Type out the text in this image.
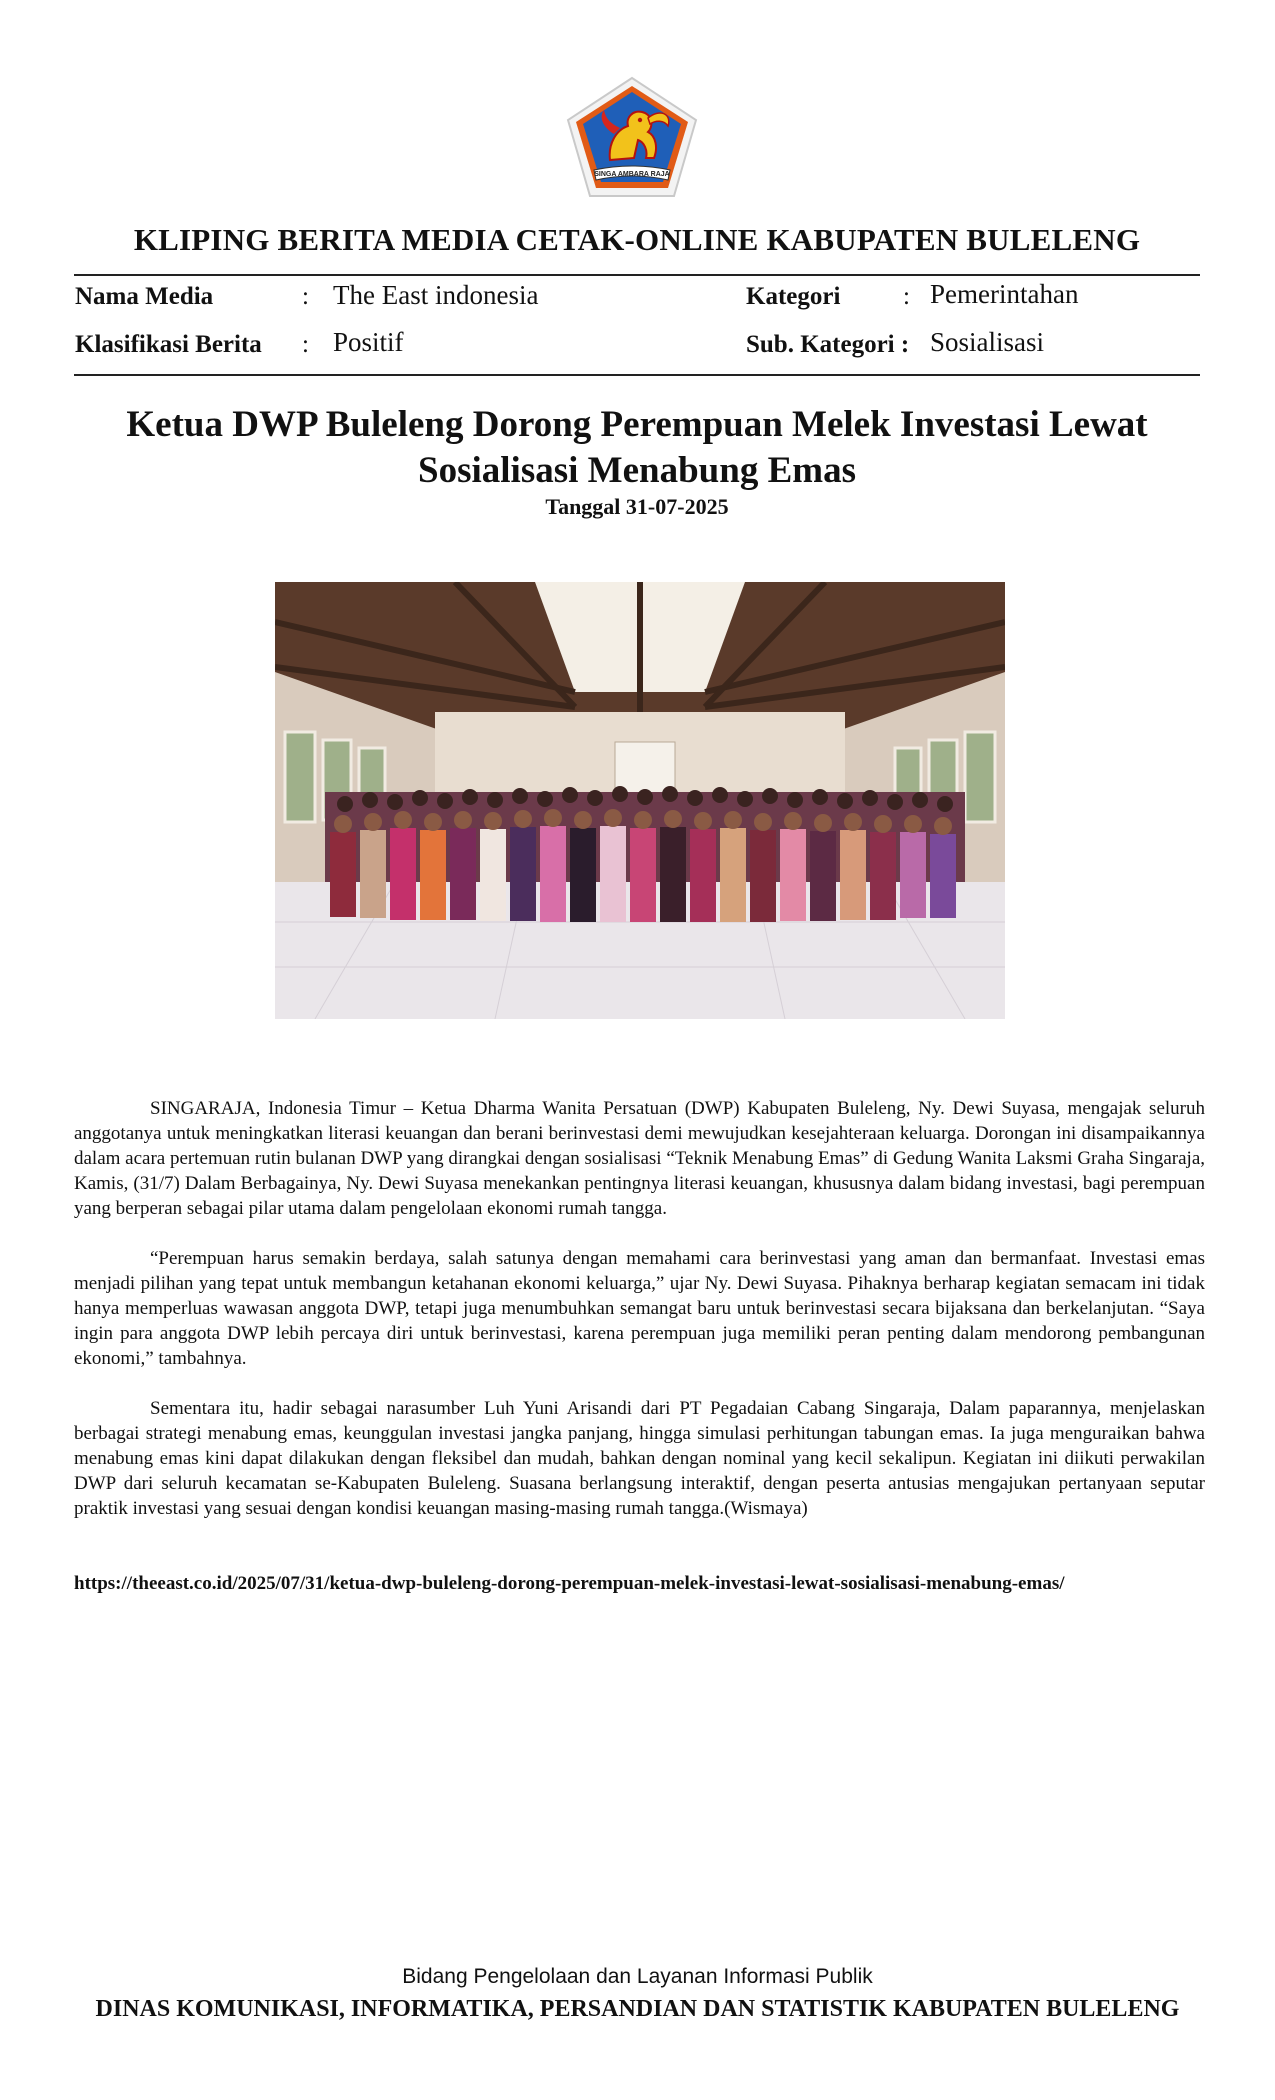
SINGA AMBARA RAJA
KLIPING BERITA MEDIA CETAK-ONLINE KABUPATEN BULELENG
Nama Media	: The East indonesia	Kategori	: Pemerintahan
Klasifikasi Berita : Positif	Sub. Kategori : Sosialisasi
Ketua DWP Buleleng Dorong Perempuan Melek Investasi Lewat Sosialisasi Menabung Emas
Tanggal 31-07-2025

SINGARAJA, Indonesia Timur – Ketua Dharma Wanita Persatuan (DWP) Kabupaten Buleleng, Ny. Dewi Suyasa, mengajak seluruh anggotanya untuk meningkatkan literasi keuangan dan berani berinvestasi demi mewujudkan kesejahteraan keluarga. Dorongan ini disampaikannya dalam acara pertemuan rutin bulanan DWP yang dirangkai dengan sosialisasi “Teknik Menabung Emas” di Gedung Wanita Laksmi Graha Singaraja, Kamis, (31/7) Dalam Berbagainya, Ny. Dewi Suyasa menekankan pentingnya literasi keuangan, khususnya dalam bidang investasi, bagi perempuan yang berperan sebagai pilar utama dalam pengelolaan ekonomi rumah tangga.

“Perempuan harus semakin berdaya, salah satunya dengan memahami cara berinvestasi yang aman dan bermanfaat. Investasi emas menjadi pilihan yang tepat untuk membangun ketahanan ekonomi keluarga,” ujar Ny. Dewi Suyasa. Pihaknya berharap kegiatan semacam ini tidak hanya memperluas wawasan anggota DWP, tetapi juga menumbuhkan semangat baru untuk berinvestasi secara bijaksana dan berkelanjutan. “Saya ingin para anggota DWP lebih percaya diri untuk berinvestasi, karena perempuan juga memiliki peran penting dalam mendorong pembangunan ekonomi,” tambahnya.

Sementara itu, hadir sebagai narasumber Luh Yuni Arisandi dari PT Pegadaian Cabang Singaraja, Dalam paparannya, menjelaskan berbagai strategi menabung emas, keunggulan investasi jangka panjang, hingga simulasi perhitungan tabungan emas. Ia juga menguraikan bahwa menabung emas kini dapat dilakukan dengan fleksibel dan mudah, bahkan dengan nominal yang kecil sekalipun. Kegiatan ini diikuti perwakilan DWP dari seluruh kecamatan se-Kabupaten Buleleng. Suasana berlangsung interaktif, dengan peserta antusias mengajukan pertanyaan seputar praktik investasi yang sesuai dengan kondisi keuangan masing-masing rumah tangga.(Wismaya)

https://theeast.co.id/2025/07/31/ketua-dwp-buleleng-dorong-perempuan-melek-investasi-lewat-sosialisasi-menabung-emas/
Bidang Pengelolaan dan Layanan Informasi Publik
DINAS KOMUNIKASI, INFORMATIKA, PERSANDIAN DAN STATISTIK KABUPATEN BULELENG
